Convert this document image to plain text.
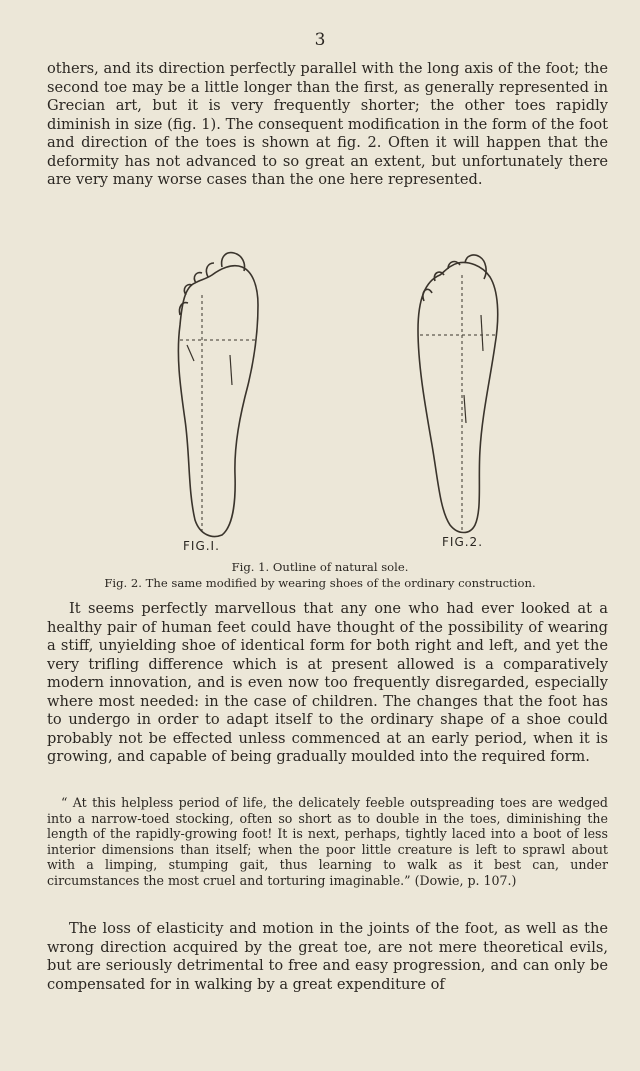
3

others, and its direction perfectly parallel with the long axis of the foot; the second toe may be a little longer than the first, as generally represented in Grecian art, but it is very frequently shorter; the other toes rapidly diminish in size (fig. 1). The consequent modification in the form of the foot and direction of the toes is shown at fig. 2. Often it will happen that the deformity has not advanced to so great an extent, but unfortunately there are very many worse cases than the one here represented.

FIG.I.	FIG.2.
Fig. 1. Outline of natural sole.
Fig. 2. The same modified by wearing shoes of the ordinary construction.

It seems perfectly marvellous that any one who had ever looked at a healthy pair of human feet could have thought of the possibility of wearing a stiff, unyielding shoe of identical form for both right and left, and yet the very trifling difference which is at present allowed is a comparatively modern innovation, and is even now too frequently disregarded, especially where most needed: in the case of children. The changes that the foot has to undergo in order to adapt itself to the ordinary shape of a shoe could probably not be effected unless commenced at an early period, when it is growing, and capable of being gradually moulded into the required form.

“ At this helpless period of life, the delicately feeble outspreading toes are wedged into a narrow-toed stocking, often so short as to double in the toes, diminishing the length of the rapidly-growing foot! It is next, perhaps, tightly laced into a boot of less interior dimensions than itself; when the poor little creature is left to sprawl about with a limping, stumping gait, thus learning to walk as it best can, under circumstances the most cruel and torturing imaginable.” (Dowie, p. 107.)

The loss of elasticity and motion in the joints of the foot, as well as the wrong direction acquired by the great toe, are not mere theoretical evils, but are seriously detrimental to free and easy progression, and can only be compensated for in walking by a great expenditure of
